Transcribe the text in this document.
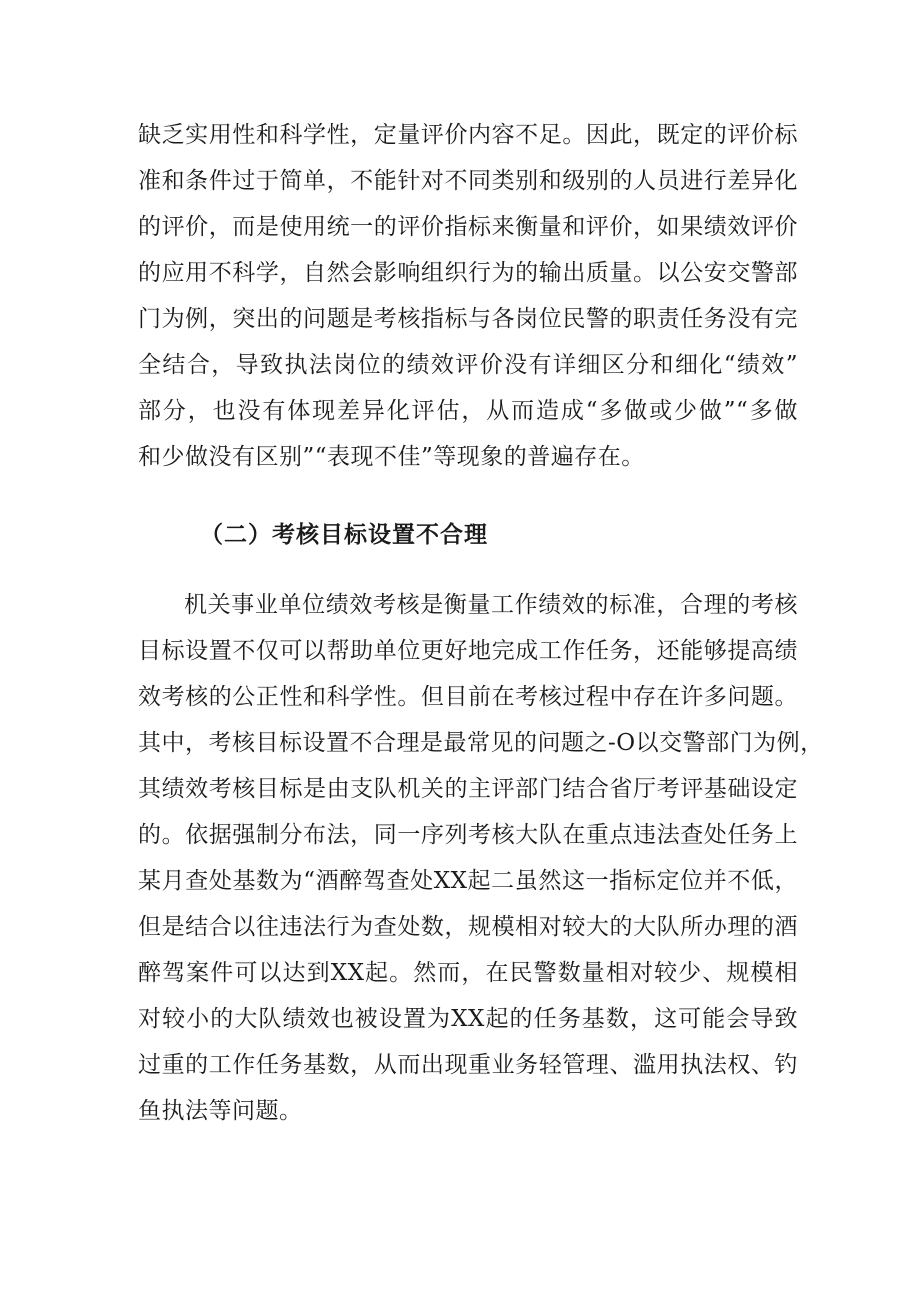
缺乏实用性和科学性，定量评价内容不足。因此，既定的评价标
准和条件过于简单，不能针对不同类别和级别的人员进行差异化
的评价，而是使用统一的评价指标来衡量和评价，如果绩效评价
的应用不科学，自然会影响组织行为的输出质量。以公安交警部
门为例，突出的问题是考核指标与各岗位民警的职责任务没有完
全结合，导致执法岗位的绩效评价没有详细区分和细化“绩效”
部分，也没有体现差异化评估，从而造成“多做或少做”“多做
和少做没有区别”“表现不佳”等现象的普遍存在。
（二）考核目标设置不合理
机关事业单位绩效考核是衡量工作绩效的标准，合理的考核
目标设置不仅可以帮助单位更好地完成工作任务，还能够提高绩
效考核的公正性和科学性。但目前在考核过程中存在许多问题。
其中，考核目标设置不合理是最常见的问题之-O以交警部门为例，
其绩效考核目标是由支队机关的主评部门结合省厅考评基础设定
的。依据强制分布法，同一序列考核大队在重点违法查处任务上
某月查处基数为“酒醉驾查处XX起二虽然这一指标定位并不低，
但是结合以往违法行为查处数，规模相对较大的大队所办理的酒
醉驾案件可以达到XX起。然而，在民警数量相对较少、规模相
对较小的大队绩效也被设置为XX起的任务基数，这可能会导致
过重的工作任务基数，从而出现重业务轻管理、滥用执法权、钓
鱼执法等问题。
